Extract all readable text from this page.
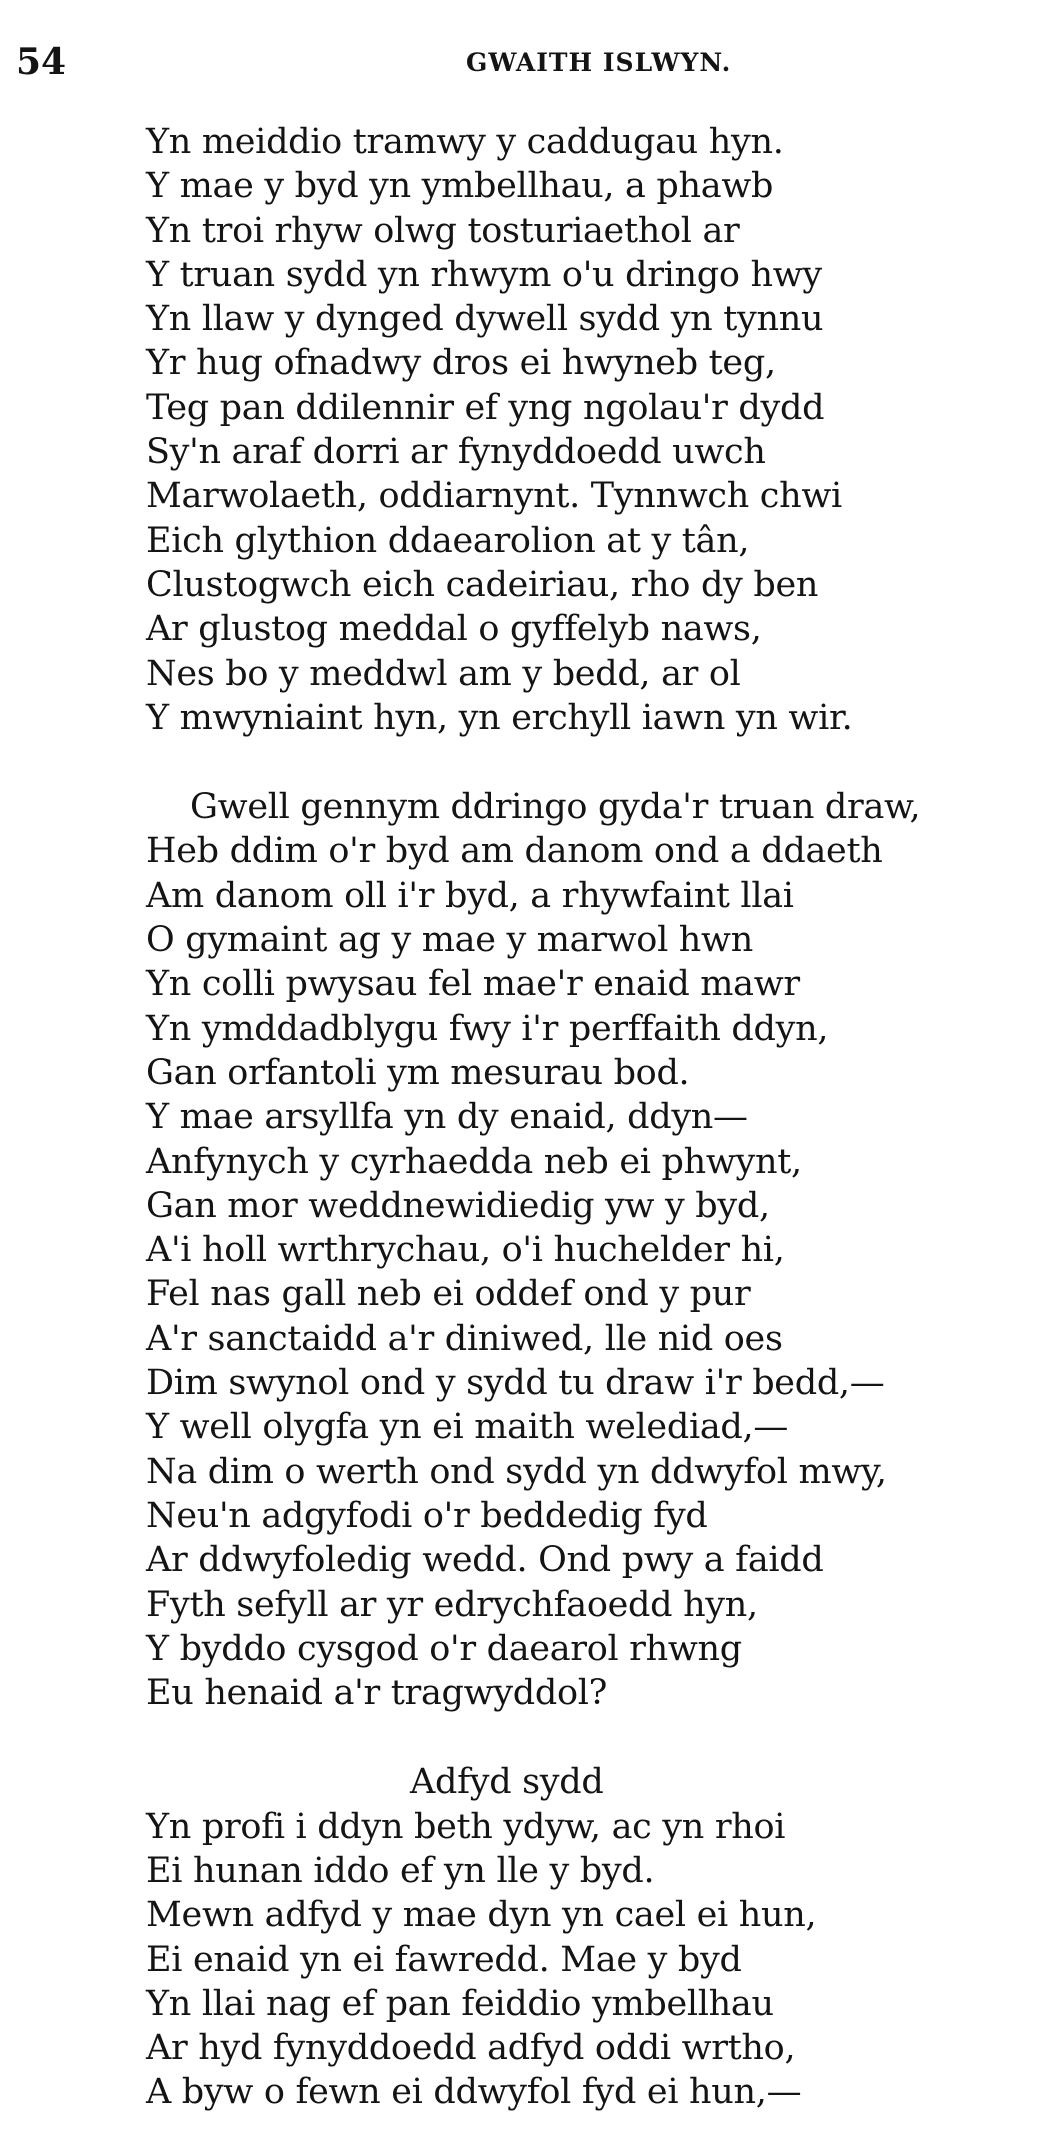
54	GWAITH ISLWYN.
Yn meiddio tramwy y caddugau hyn.
Y mae y byd yn ymbellhau, a phawb
Yn troi rhyw olwg tosturiaethol ar
Y truan sydd yn rhwym o'u dringo hwy
Yn llaw y dynged dywell sydd yn tynnu
Yr hug ofnadwy dros ei hwyneb teg,
Teg pan ddilennir ef yng ngolau'r dydd
Sy'n araf dorri ar fynyddoedd uwch
Marwolaeth, oddiarnynt. Tynnwch chwi
Eich glythion ddaearolion at y tân,
Clustogwch eich cadeiriau, rho dy ben
Ar glustog meddal o gyffelyb naws,
Nes bo y meddwl am y bedd, ar ol
Y mwyniaint hyn, yn erchyll iawn yn wir.
Gwell gennym ddringo gyda'r truan draw,
Heb ddim o'r byd am danom ond a ddaeth
Am danom oll i'r byd, a rhywfaint llai
O gymaint ag y mae y marwol hwn
Yn colli pwysau fel mae'r enaid mawr
Yn ymddadblygu fwy i'r perffaith ddyn,
Gan orfantoli ym mesurau bod.
Y mae arsyllfa yn dy enaid, ddyn—
Anfynych y cyrhaedda neb ei phwynt,
Gan mor weddnewidiedig yw y byd,
A'i holl wrthrychau, o'i huchelder hi,
Fel nas gall neb ei oddef ond y pur
A'r sanctaidd a'r diniwed, lle nid oes
Dim swynol ond y sydd tu draw i'r bedd,—
Y well olygfa yn ei maith welediad,—
Na dim o werth ond sydd yn ddwyfol mwy,
Neu'n adgyfodi o'r beddedig fyd
Ar ddwyfoledig wedd. Ond pwy a faidd
Fyth sefyll ar yr edrychfaoedd hyn,
Y byddo cysgod o'r daearol rhwng
Eu henaid a'r tragwyddol?
Adfyd sydd
Yn profi i ddyn beth ydyw, ac yn rhoi
Ei hunan iddo ef yn lle y byd.
Mewn adfyd y mae dyn yn cael ei hun,
Ei enaid yn ei fawredd. Mae y byd
Yn llai nag ef pan feiddio ymbellhau
Ar hyd fynyddoedd adfyd oddi wrtho,
A byw o fewn ei ddwyfol fyd ei hun,—
